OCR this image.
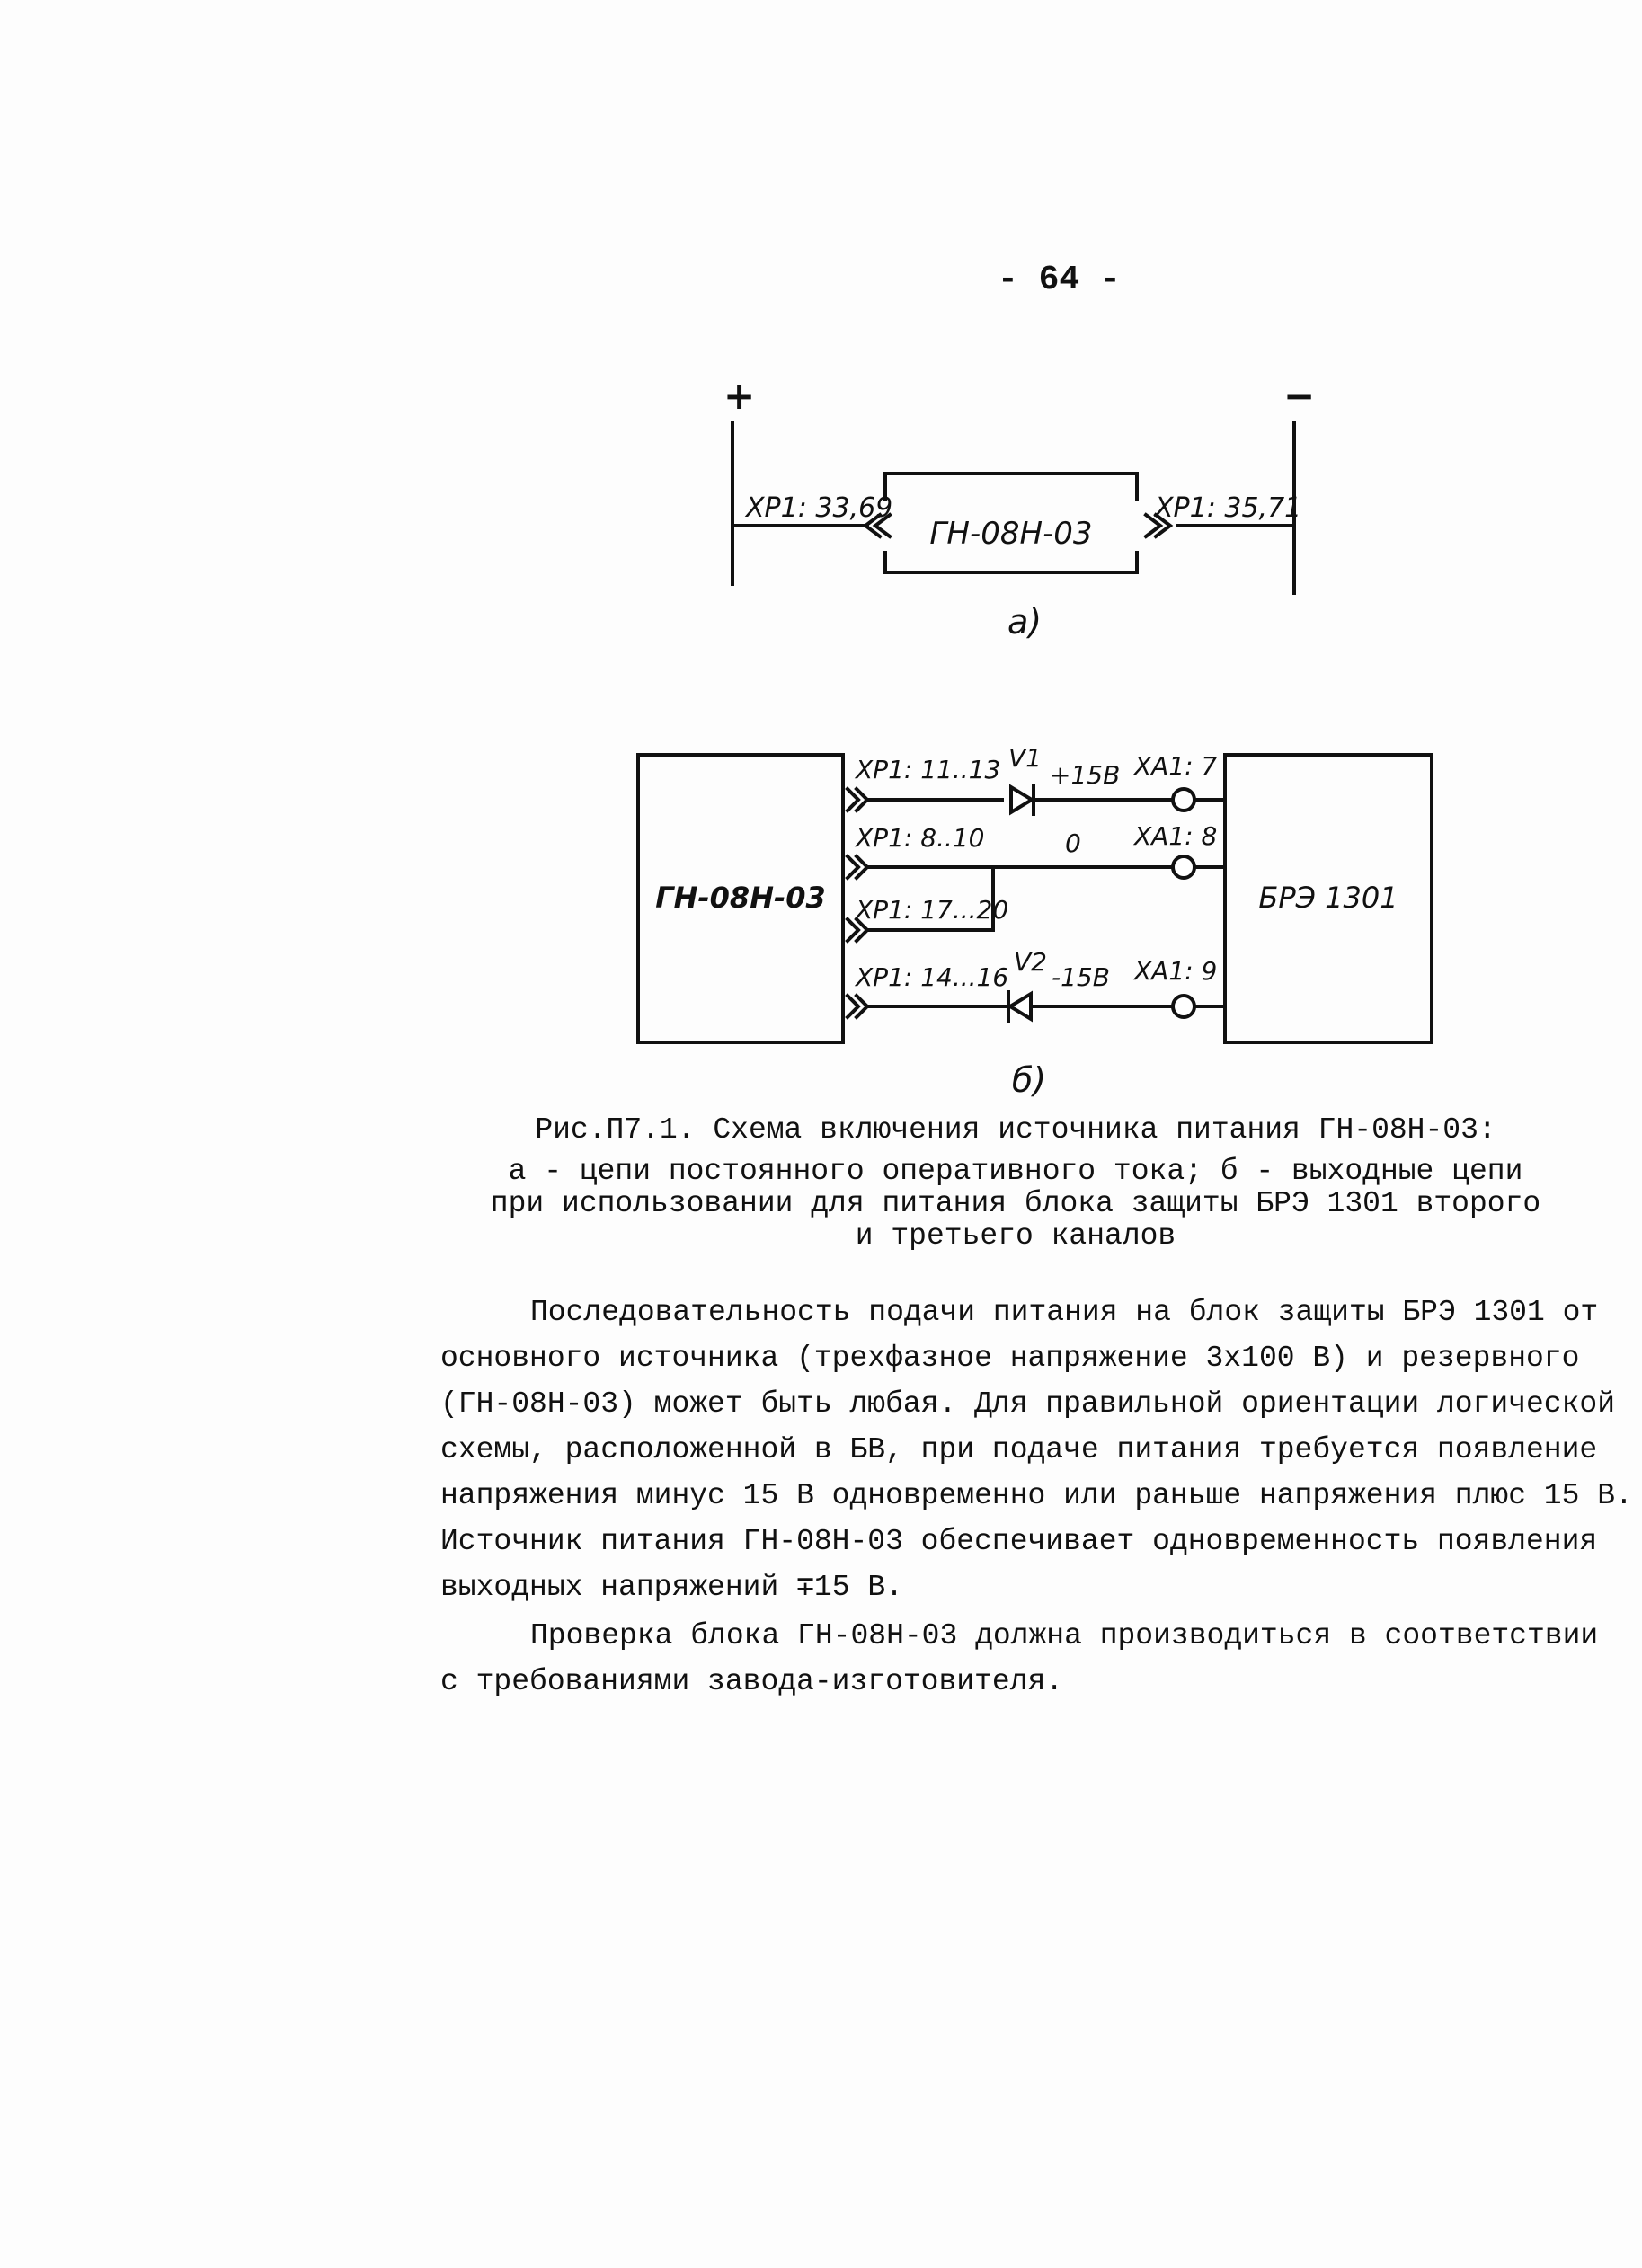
- 64 -
+	−
XP1: 33,69	XP1: 35,71
ГН-08Н-03
а)
ГН-08Н-03	БРЭ 1301
XP1: 11..13
XP1: 8..10
XP1: 17...20
XP1: 14...16
V1
V2
+15В
0
-15В
XA1: 7
XA1: 8
XA1: 9
б)
Рис.П7.1. Схема включения источника питания ГН-08Н-03:
а - цепи постоянного оперативного тока; б - выходные цепи
при использовании для питания блока защиты БРЭ 1301 второго
и третьего каналов
Последовательность подачи питания на блок защиты БРЭ 1301 от
основного источника (трехфазное напряжение 3х100 В) и резервного
(ГН-08Н-03) может быть любая. Для правильной ориентации логической
схемы, расположенной в БВ, при подаче питания требуется появление
напряжения минус 15 В одновременно или раньше напряжения плюс 15 В.
Источник питания ГН-08Н-03 обеспечивает одновременность появления
выходных напряжений ∓15 В.
Проверка блока ГН-08Н-03 должна производиться в соответствии
с требованиями завода-изготовителя.
